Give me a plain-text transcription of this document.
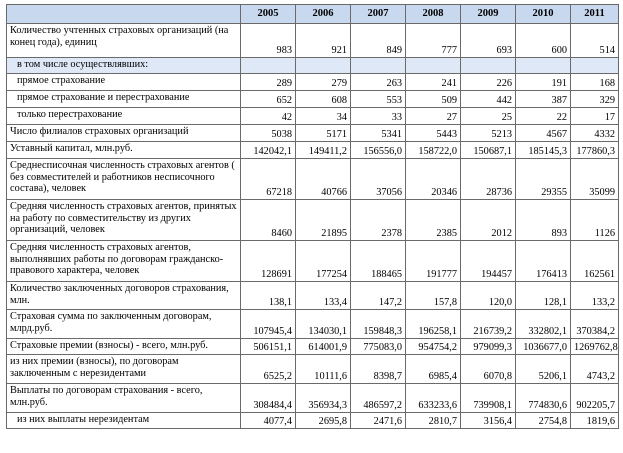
	2005	2006	2007	2008	2009	2010	2011
Количество учтенных страховых организаций (на конец года), единиц	983	921	849	777	693	600	514
в том числе осуществлявших:							
прямое страхование	289	279	263	241	226	191	168
прямое страхование и перестрахование	652	608	553	509	442	387	329
только перестрахование	42	34	33	27	25	22	17
Число филиалов страховых организаций	5038	5171	5341	5443	5213	4567	4332
Уставный капитал, млн.руб.	142042,1	149411,2	156556,0	158722,0	150687,1	185145,3	177860,3
Среднесписочная численность страховых агентов ( без совместителей и работников несписочного состава), человек	67218	40766	37056	20346	28736	29355	35099
Средняя численность страховых агентов, принятых на работу по совместительству из других организаций, человек	8460	21895	2378	2385	2012	893	1126
Средняя численность страховых агентов, выполнявших работы по договорам гражданско-правового характера, человек	128691	177254	188465	191777	194457	176413	162561
Количество заключенных договоров страхования, млн.	138,1	133,4	147,2	157,8	120,0	128,1	133,2
Страховая сумма по заключенным договорам, млрд.руб.	107945,4	134030,1	159848,3	196258,1	216739,2	332802,1	370384,2
Страховые премии (взносы) - всего, млн.руб.	506151,1	614001,9	775083,0	954754,2	979099,3	1036677,0	1269762,8
из них премии (взносы), по договорам заключенным с нерезидентами	6525,2	10111,6	8398,7	6985,4	6070,8	5206,1	4743,2
Выплаты по договорам страхования - всего, млн.руб.	308484,4	356934,3	486597,2	633233,6	739908,1	774830,6	902205,7
из них выплаты нерезидентам	4077,4	2695,8	2471,6	2810,7	3156,4	2754,8	1819,6
